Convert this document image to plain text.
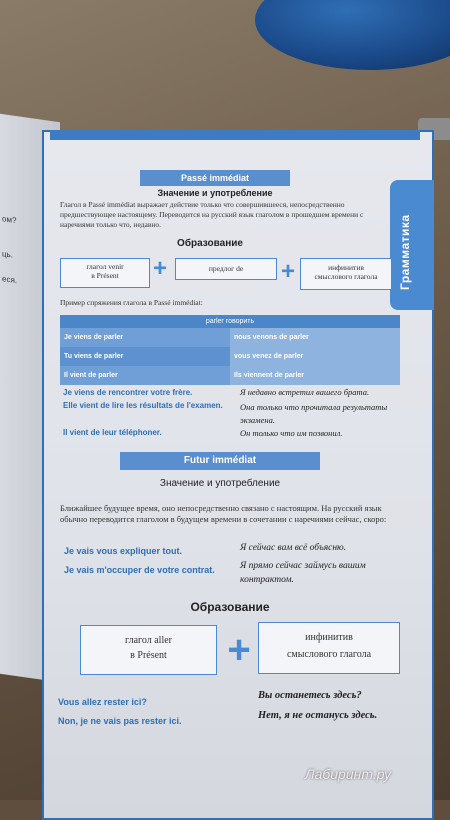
ом?
ць.
еся.	Грамматика
Passé immédiat
Значение и употребление
Глагол в Passé immédiat выражает действие только что совершившееся, непосредственно предшествующее настоящему. Переводится на русский язык глаголом в прошедшем времени с наречиями только что, недавно.
Образование
глагол venir
в Présent	+	предлог de	+	инфинитив
смыслового глагола
Пример спряжения глагола в Passé immédiat:
parler говорить
Je viens de parler	nous venons de parler
Tu viens de parler	vous venez de parler
Il vient de parler	Ils viennent de parler
Je viens de rencontrer votre frère.
Elle vient de lire les résultats de l'examen.
Il vient de leur téléphoner.
Я недавно встретил вашего брата.
Она только что прочитала результаты экзамена.
Он только что им позвонил.
Futur immédiat
Значение и употребление
Ближайшее будущее время, оно непосредственно связано с настоящим. На русский язык обычно переводится глаголом в будущем времени в сочетании с наречиями сейчас, скоро:
Je vais vous expliquer tout.
Je vais m'occuper de votre contrat.
Я сейчас вам всё объясню.
Я прямо сейчас займусь вашим контрактом.
Образование
глагол aller
в Présent	+	инфинитив
смыслового глагола
Vous allez rester ici?
Non, je ne vais pas rester ici.
Вы останетесь здесь?
Нет, я не останусь здесь.
Лабиринт.ру
